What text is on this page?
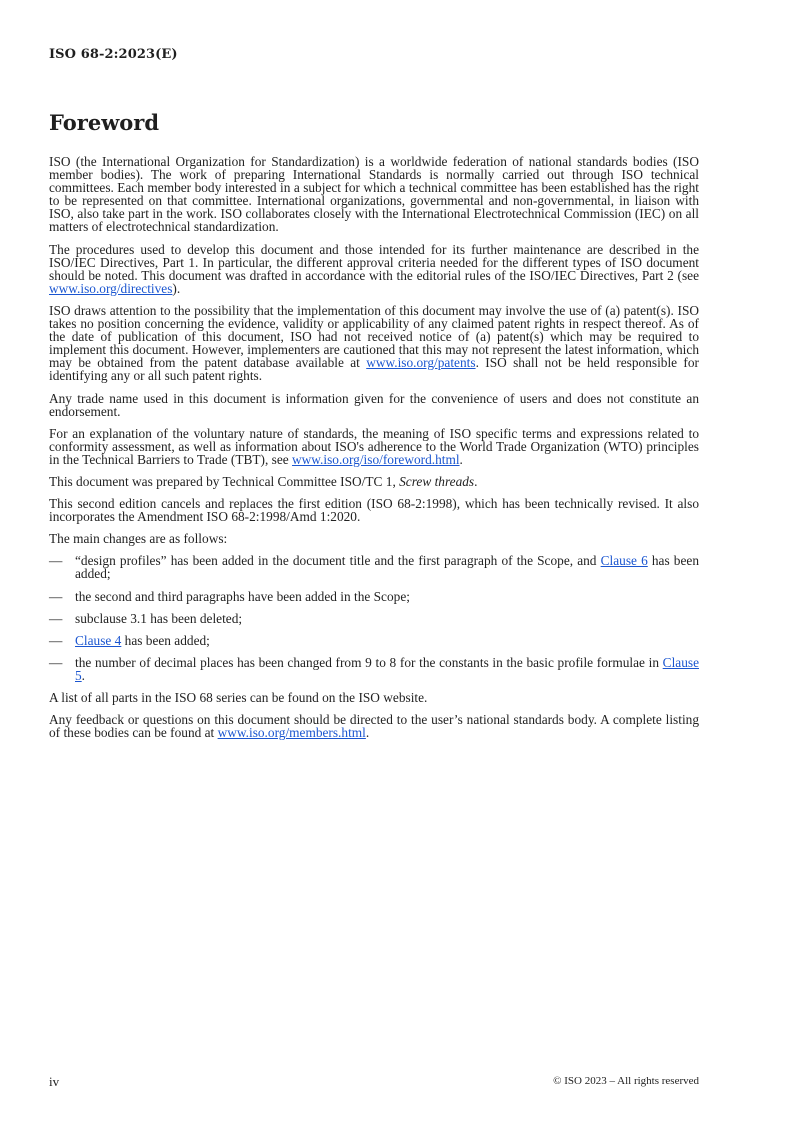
ISO 68-2:2023(E)
Foreword

ISO (the International Organization for Standardization) is a worldwide federation of national standards bodies (ISO member bodies). The work of preparing International Standards is normally carried out through ISO technical committees. Each member body interested in a subject for which a technical committee has been established has the right to be represented on that committee. International organizations, governmental and non-governmental, in liaison with ISO, also take part in the work. ISO collaborates closely with the International Electrotechnical Commission (IEC) on all matters of electrotechnical standardization.

The procedures used to develop this document and those intended for its further maintenance are described in the ISO/IEC Directives, Part 1. In particular, the different approval criteria needed for the different types of ISO document should be noted. This document was drafted in accordance with the editorial rules of the ISO/IEC Directives, Part 2 (see www.iso.org/directives).

ISO draws attention to the possibility that the implementation of this document may involve the use of (a) patent(s). ISO takes no position concerning the evidence, validity or applicability of any claimed patent rights in respect thereof. As of the date of publication of this document, ISO had not received notice of (a) patent(s) which may be required to implement this document. However, implementers are cautioned that this may not represent the latest information, which may be obtained from the patent database available at www.iso.org/patents. ISO shall not be held responsible for identifying any or all such patent rights.

Any trade name used in this document is information given for the convenience of users and does not constitute an endorsement.

For an explanation of the voluntary nature of standards, the meaning of ISO specific terms and expressions related to conformity assessment, as well as information about ISO's adherence to the World Trade Organization (WTO) principles in the Technical Barriers to Trade (TBT), see www.iso.org/iso/foreword.html.

This document was prepared by Technical Committee ISO/TC 1, Screw threads.

This second edition cancels and replaces the first edition (ISO 68-2:1998), which has been technically revised. It also incorporates the Amendment ISO 68-2:1998/Amd 1:2020.

The main changes are as follows:

— “design profiles” has been added in the document title and the first paragraph of the Scope, and Clause 6 has been added;
— the second and third paragraphs have been added in the Scope;
— subclause 3.1 has been deleted;
— Clause 4 has been added;
— the number of decimal places has been changed from 9 to 8 for the constants in the basic profile formulae in Clause 5.

A list of all parts in the ISO 68 series can be found on the ISO website.

Any feedback or questions on this document should be directed to the user’s national standards body. A complete listing of these bodies can be found at www.iso.org/members.html.

iv	© ISO 2023 – All rights reserved
